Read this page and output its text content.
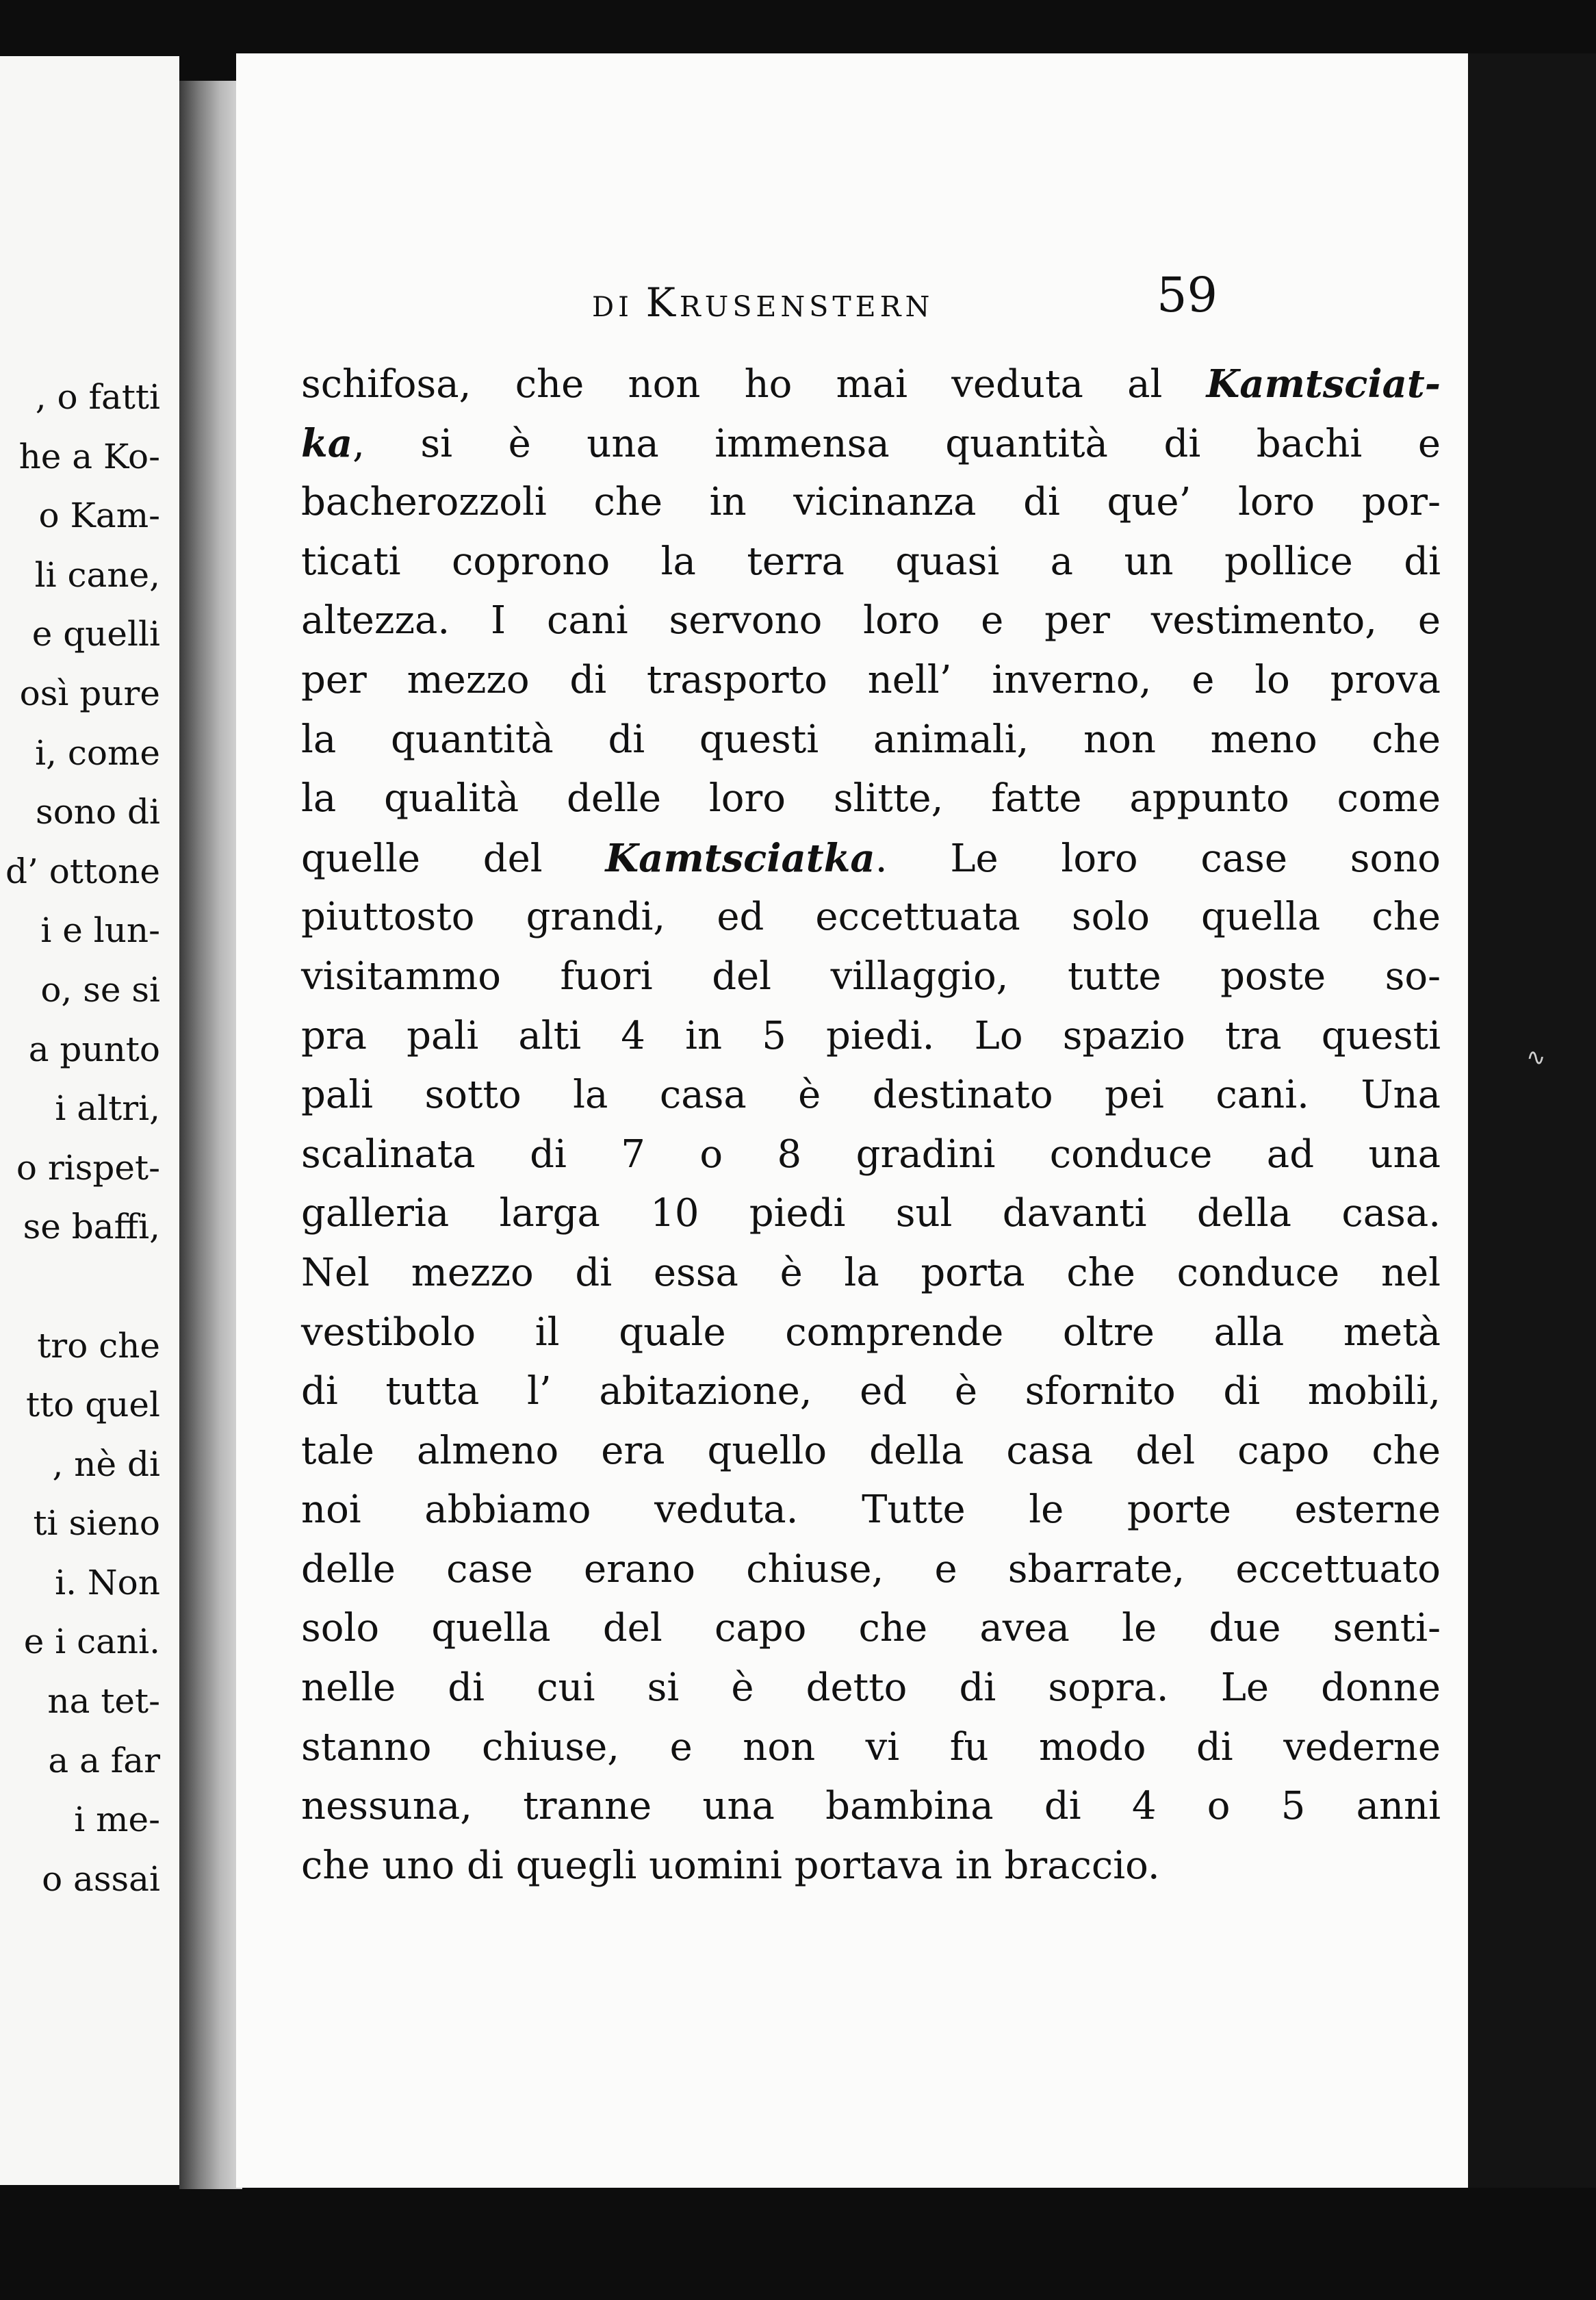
, o fatti
he a Ko-
o Kam-
li cane,
e quelli
osì pure
i, come
sono di
d’ ottone
i e lun-
o, se si
a punto
i altri,
o rispet-
se baffi,
tro che
tto quel
, nè di
ti sieno
i. Non
e i cani.
na tet-
a a far
i me-
o assai
DI Krusenstern	59
schifosa, che non ho mai veduta al Kamtsciat-
ka, si è una immensa quantità di bachi e
bacherozzoli che in vicinanza di que’ loro por-
ticati coprono la terra quasi a un pollice di
altezza. I cani servono loro e per vestimento, e
per mezzo di trasporto nell’ inverno, e lo prova
la quantità di questi animali, non meno che
la qualità delle loro slitte, fatte appunto come
quelle del Kamtsciatka. Le loro case sono
piuttosto grandi, ed eccettuata solo quella che
visitammo fuori del villaggio, tutte poste so-
pra pali alti 4 in 5 piedi. Lo spazio tra questi
pali sotto la casa è destinato pei cani. Una
scalinata di 7 o 8 gradini conduce ad una
galleria larga 10 piedi sul davanti della casa.
Nel mezzo di essa è la porta che conduce nel
vestibolo il quale comprende oltre alla metà
di tutta l’ abitazione, ed è sfornito di mobili,
tale almeno era quello della casa del capo che
noi abbiamo veduta. Tutte le porte esterne
delle case erano chiuse, e sbarrate, eccettuato
solo quella del capo che avea le due senti-
nelle di cui si è detto di sopra. Le donne
stanno chiuse, e non vi fu modo di vederne
nessuna, tranne una bambina di 4 o 5 anni
che uno di quegli uomini portava in braccio.
∿
